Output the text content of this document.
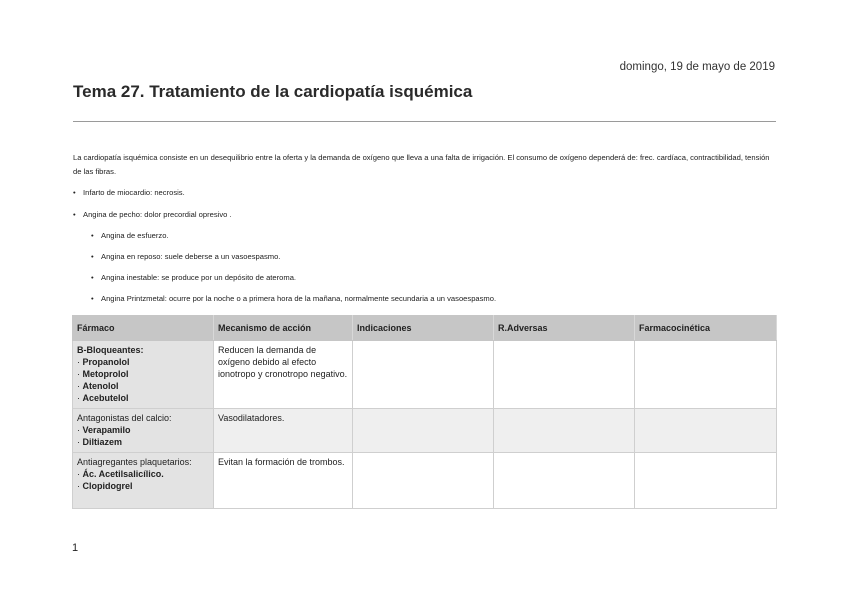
domingo, 19 de mayo de 2019
Tema 27. Tratamiento de la cardiopatía isquémica
La cardiopatía isquémica consiste en un desequilibrio entre la oferta y la demanda de oxígeno que lleva a una falta de irrigación. El consumo de oxígeno dependerá de: frec. cardíaca, contractibilidad, tensión de las fibras.
• Infarto de miocardio: necrosis.
• Angina de pecho: dolor precordial opresivo .
• Angina de esfuerzo.
• Angina en reposo: suele deberse a un vasoespasmo.
• Angina inestable: se produce por un depósito de ateroma.
• Angina Printzmetal: ocurre por la noche o a primera hora de la mañana, normalmente secundaria a un vasoespasmo.
Fármaco	Mecanismo de acción	Indicaciones	R.Adversas	Farmacocinética

B-Bloqueantes:
· Propanolol
· Metoprolol
· Atenolol
· Acebutelol	Reducen la demanda de oxígeno debido al efecto ionotropo y cronotropo negativo.			

Antagonistas del calcio:
· Verapamilo
· Diltiazem	Vasodilatadores.			

Antiagregantes plaquetarios:
· Ác. Acetilsalicílico.
· Clopidogrel	Evitan la formación de trombos.			
1
